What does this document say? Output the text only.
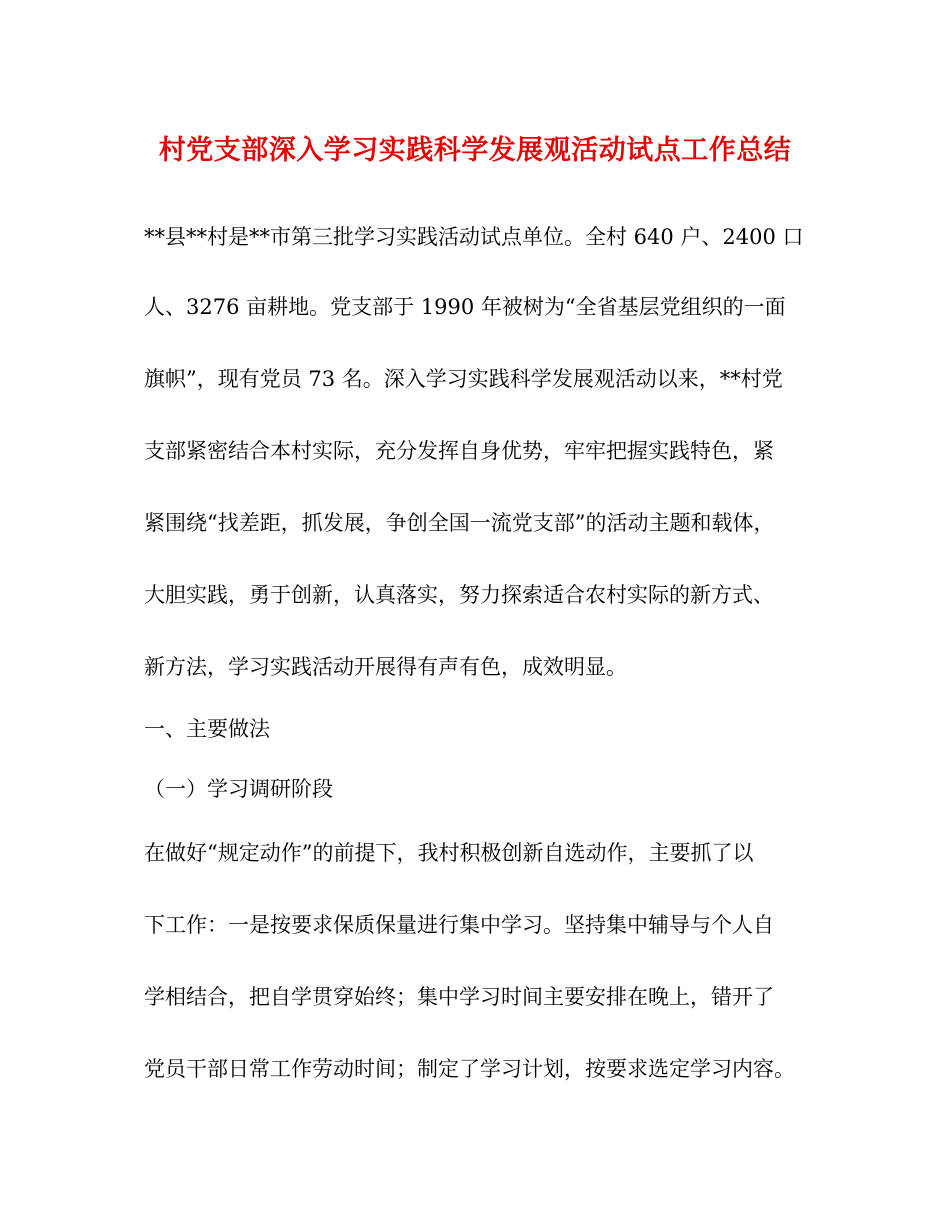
村党支部深入学习实践科学发展观活动试点工作总结
**县**村是**市第三批学习实践活动试点单位。全村 640 户、2400 口
人、3276 亩耕地。党支部于 1990 年被树为“全省基层党组织的一面
旗帜”，现有党员 73 名。深入学习实践科学发展观活动以来，**村党
支部紧密结合本村实际，充分发挥自身优势，牢牢把握实践特色，紧
紧围绕“找差距，抓发展，争创全国一流党支部”的活动主题和载体，
大胆实践，勇于创新，认真落实，努力探索适合农村实际的新方式、
新方法，学习实践活动开展得有声有色，成效明显。
一、主要做法
（一）学习调研阶段
在做好“规定动作”的前提下，我村积极创新自选动作，主要抓了以
下工作：一是按要求保质保量进行集中学习。坚持集中辅导与个人自
学相结合，把自学贯穿始终；集中学习时间主要安排在晚上，错开了
党员干部日常工作劳动时间；制定了学习计划，按要求选定学习内容。
